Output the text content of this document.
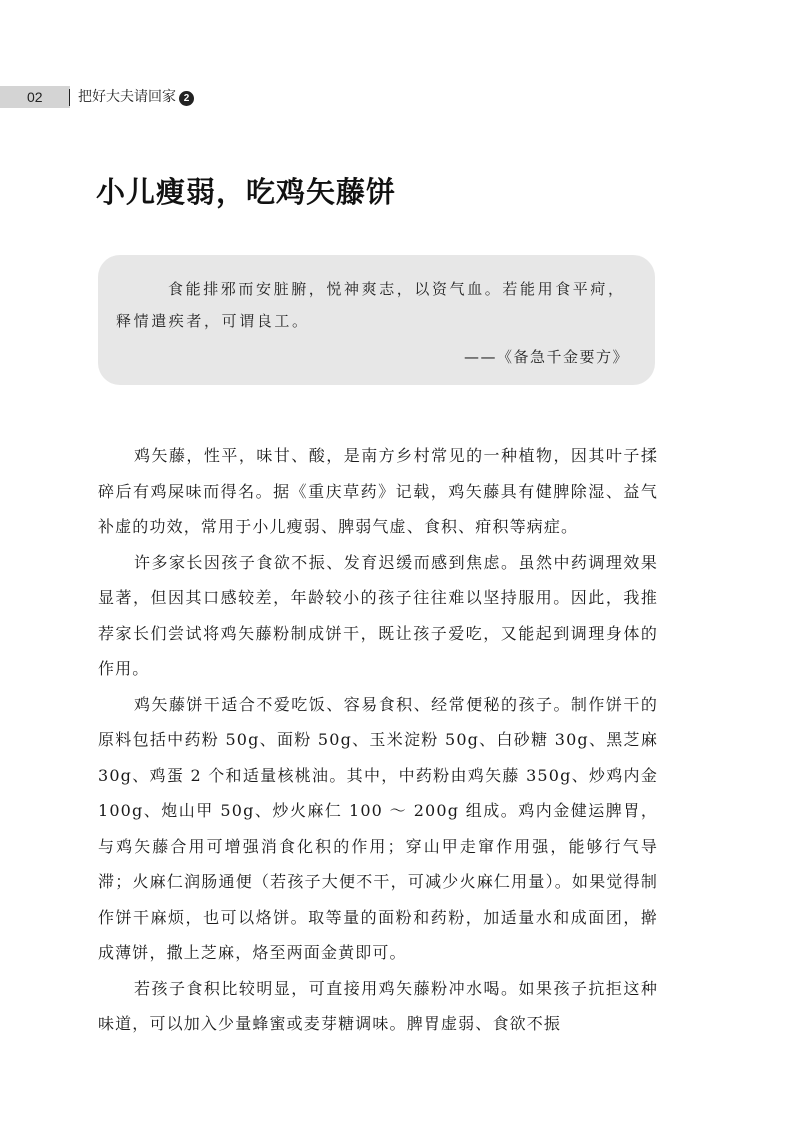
02	把好大夫请回家 2
小儿瘦弱，吃鸡矢藤饼

食能排邪而安脏腑，悦神爽志，以资气血。若能用食平疴，释情遣疾者，可谓良工。

——《备急千金要方》

鸡矢藤，性平，味甘、酸，是南方乡村常见的一种植物，因其叶子揉碎后有鸡屎味而得名。据《重庆草药》记载，鸡矢藤具有健脾除湿、益气补虚的功效，常用于小儿瘦弱、脾弱气虚、食积、疳积等病症。

许多家长因孩子食欲不振、发育迟缓而感到焦虑。虽然中药调理效果显著，但因其口感较差，年龄较小的孩子往往难以坚持服用。因此，我推荐家长们尝试将鸡矢藤粉制成饼干，既让孩子爱吃，又能起到调理身体的作用。

鸡矢藤饼干适合不爱吃饭、容易食积、经常便秘的孩子。制作饼干的原料包括中药粉 50g、面粉 50g、玉米淀粉 50g、白砂糖 30g、黑芝麻 30g、鸡蛋 2 个和适量核桃油。其中，中药粉由鸡矢藤 350g、炒鸡内金 100g、炮山甲 50g、炒火麻仁 100 ～ 200g 组成。鸡内金健运脾胃，与鸡矢藤合用可增强消食化积的作用；穿山甲走窜作用强，能够行气导滞；火麻仁润肠通便（若孩子大便不干，可减少火麻仁用量）。如果觉得制作饼干麻烦，也可以烙饼。取等量的面粉和药粉，加适量水和成面团，擀成薄饼，撒上芝麻，烙至两面金黄即可。

若孩子食积比较明显，可直接用鸡矢藤粉冲水喝。如果孩子抗拒这种味道，可以加入少量蜂蜜或麦芽糖调味。脾胃虚弱、食欲不振
